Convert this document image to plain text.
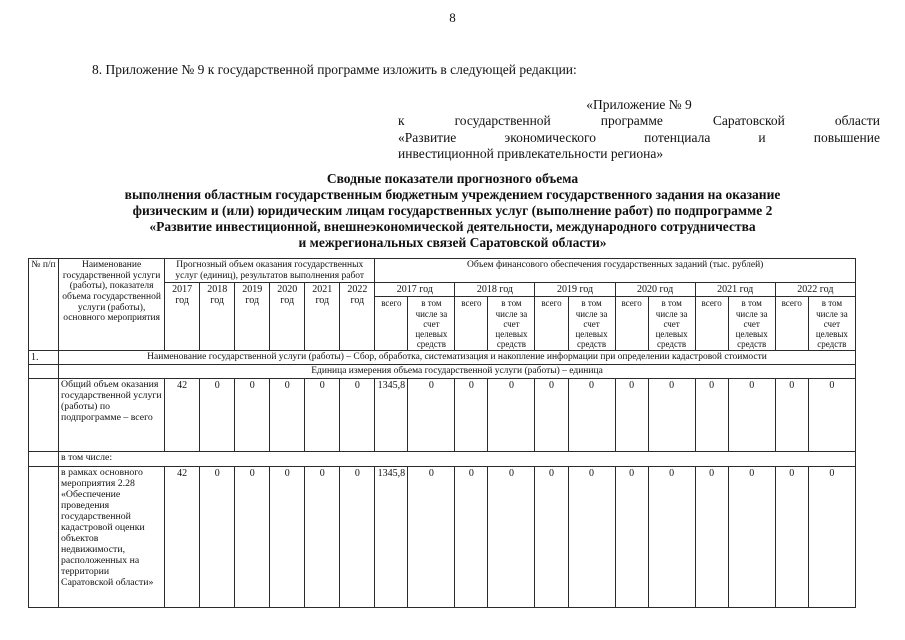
8

8. Приложение № 9 к государственной программе изложить в следующей редакции:

«Приложение № 9
к государственной программе Саратовской области
«Развитие экономического потенциала и повышение
инвестиционной привлекательности региона»
Сводные показатели прогнозного объема
выполнения областным государственным бюджетным учреждением государственного задания на оказание
физическим и (или) юридическим лицам государственных услуг (выполнение работ) по подпрограмме 2
«Развитие инвестиционной, внешнеэкономической деятельности, международного сотрудничества
и межрегиональных связей Саратовской области»
№ п/п	Наименование государственной услуги (работы), показателя объема государственной услуги (работы), основного мероприятия	Прогнозный объем оказания государственных услуг (единиц), результатов выполнения работ						Объем финансового обеспечения государственных заданий (тыс. рублей)											
		2017 год	2018 год	2019 год	2020 год	2021 год	2022 год	2017 год		2018 год		2019 год		2020 год		2021 год		2022 год	
								всего	в том числе за счет целевых средств	всего	в том числе за счет целевых средств	всего	в том числе за счет целевых средств	всего	в том числе за счет целевых средств	всего	в том числе за счет целевых средств	всего	в том числе за счет целевых средств
1.	Наименование государственной услуги (работы) – Сбор, обработка, систематизация и накопление информации при определении кадастровой стоимости																		
	Единица измерения объема государственной услуги (работы) – единица																		
	Общий объем оказания государственной услуги (работы) по подпрограмме – всего	42	0	0	0	0	0	1345,8	0	0	0	0	0	0	0	0	0	0	0
	в том числе:																		
	в рамках основного мероприятия 2.28 «Обеспечение проведения государственной кадастровой оценки объектов недвижимости, расположенных на территории Саратовской области»	42	0	0	0	0	0	1345,8	0	0	0	0	0	0	0	0	0	0	0
